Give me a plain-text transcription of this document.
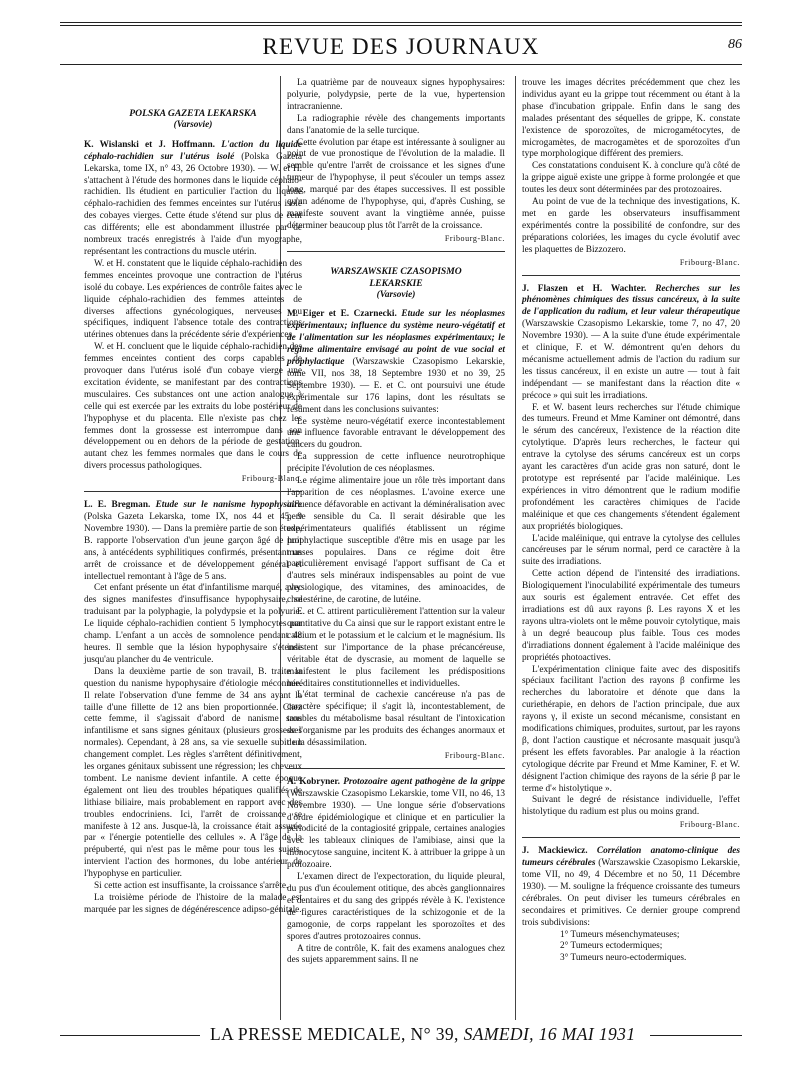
REVUE DES JOURNAUX	86

POLSKA GAZETA LEKARSKA

(Varsovie)

K. Wislanski et J. Hoffmann. L'action du liquide céphalo-rachidien sur l'utérus isolé (Polska Gazeta Lekarska, tome IX, n° 43, 26 Octobre 1930). — W. et H. s'attachent à l'étude des hormones dans le liquide céphalo-rachidien. Ils étudient en particulier l'action du liquide céphalo-rachidien des femmes enceintes sur l'utérus isolé des cobayes vierges. Cette étude s'étend sur plus de cent cas différents; elle est abondamment illustrée par de nombreux tracés enregistrés à l'aide d'un myographe, représentant les contractions du muscle utérin.

W. et H. constatent que le liquide céphalo-rachidien des femmes enceintes provoque une contraction de l'utérus isolé du cobaye. Les expériences de contrôle faites avec le liquide céphalo-rachidien des femmes atteintes de diverses affections gynécologiques, nerveuses ou spécifiques, indiquent l'absence totale des contractions utérines obtenues dans la précédente série d'expériences.

W. et H. concluent que le liquide céphalo-rachidien des femmes enceintes contient des corps capables de provoquer dans l'utérus isolé d'un cobaye vierge une excitation évidente, se manifestant par des contractions musculaires. Ces substances ont une action analogue à celle qui est exercée par les extraits du lobe postérieur de l'hypophyse et du placenta. Elle n'existe pas chez les femmes dont la grossesse est interrompue dans son développement ou en dehors de la période de gestation, autant chez les femmes normales que dans le cours de divers processus pathologiques.

Fribourg-Blanc.

L. E. Bregman. Etude sur le nanisme hypophysaire (Polska Gazeta Lekarska, tome IX, nos 44 et 45, 9 Novembre 1930). — Dans la première partie de son étude, B. rapporte l'observation d'un jeune garçon âgé de huit ans, à antécédents syphilitiques confirmés, présentant un arrêt de croissance et de développement général et intellectuel remontant à l'âge de 5 ans.

Cet enfant présente un état d'infantilisme marqué, avec des signes manifestes d'insuffisance hypophysaire, se traduisant par la polyphagie, la polydypsie et la polyurie. Le liquide céphalo-rachidien contient 5 lymphocytes par champ. L'enfant a un accès de somnolence pendant 48 heures. Il semble que la lésion hypophysaire s'étende jusqu'au plancher du 4e ventricule.

Dans la deuxième partie de son travail, B. traite la question du nanisme hypophysaire d'étiologie méconnue. Il relate l'observation d'une femme de 34 ans ayant la taille d'une fillette de 12 ans bien proportionnée. Chez cette femme, il s'agissait d'abord de nanisme sans infantilisme et sans signes génitaux (plusieurs grossesses normales). Cependant, à 28 ans, sa vie sexuelle subit un changement complet. Les règles s'arrêtent définitivement, les organes génitaux subissent une régression; les cheveux tombent. Le nanisme devient infantile. A cette époque également ont lieu des troubles hépatiques qualifiés de lithiase biliaire, mais probablement en rapport avec des troubles endocriniens. Ici, l'arrêt de croissance se manifeste à 12 ans. Jusque-là, la croissance était assurée par « l'énergie potentielle des cellules ». A l'âge de la prépuberté, qui n'est pas le même pour tous les sujets, intervient l'action des hormones, du lobe antérieur de l'hypophyse en particulier.

Si cette action est insuffisante, la croissance s'arrête.

La troisième période de l'histoire de la malade est marquée par les signes de dégénérescence adipso-génitale.

La quatrième par de nouveaux signes hypophysaires: polyurie, polydypsie, perte de la vue, hypertension intracranienne.

La radiographie révèle des changements importants dans l'anatomie de la selle turcique.

Cette évolution par étape est intéressante à souligner au point de vue pronostique de l'évolution de la maladie. Il semble qu'entre l'arrêt de croissance et les signes d'une tumeur de l'hypophyse, il peut s'écouler un temps assez long, marqué par des étapes successives. Il est possible qu'un adénome de l'hypophyse, qui, d'après Cushing, se manifeste souvent avant la vingtième année, puisse déterminer beaucoup plus tôt l'arrêt de la croissance.

Fribourg-Blanc.

WARSZAWSKIE CZASOPISMO

LEKARSKIE

(Varsovie)

M. Eiger et E. Czarnecki. Etude sur les néoplasmes expérimentaux; influence du système neuro-végétatif et de l'alimentation sur les néoplasmes expérimentaux; le régime alimentaire envisagé au point de vue social et prophylactique (Warszawskie Czasopismo Lekarskie, tome VII, nos 38, 18 Septembre 1930 et no 39, 25 Septembre 1930). — E. et C. ont poursuivi une étude expérimentale sur 176 lapins, dont les résultats se résument dans les conclusions suivantes:

Le système neuro-végétatif exerce incontestablement une influence favorable entravant le développement des cancers du goudron.

La suppression de cette influence neurotrophique précipite l'évolution de ces néoplasmes.

Le régime alimentaire joue un rôle très important dans l'apparition de ces néoplasmes. L'avoine exerce une influence défavorable en activant la déminéralisation avec perte sensible du Ca. Il serait désirable que les expérimentateurs qualifiés établissent un régime prophylactique susceptible d'être mis en usage par les masses populaires. Dans ce régime doit être particulièrement envisagé l'apport suffisant de Ca et d'autres sels minéraux indispensables au point de vue physiologique, des vitamines, des aminoacides, de cholestérine, de carotine, de lutéine.

E. et C. attirent particulièrement l'attention sur la valeur quantitative du Ca ainsi que sur le rapport existant entre le calcium et le potassium et le calcium et le magnésium. Ils insistent sur l'importance de la phase précancéreuse, véritable état de dyscrasie, au moment de laquelle se manifestent le plus facilement les prédispositions héréditaires constitutionnelles et individuelles.

L'état terminal de cachexie cancéreuse n'a pas de caractère spécifique; il s'agit là, incontestablement, de troubles du métabolisme basal résultant de l'intoxication de l'organisme par les produits des échanges anormaux et de la désassimilation.

Fribourg-Blanc.

A. Kobryner. Protozoaire agent pathogène de la grippe (Warszawskie Czasopismo Lekarskie, tome VII, no 46, 13 Novembre 1930). — Une longue série d'observations d'ordre épidémiologique et clinique et en particulier la périodicité de la contagiosité grippale, certaines analogies avec les tableaux cliniques de l'amibiase, ainsi que la monocytose sanguine, incitent K. à attribuer la grippe à un protozoaire.

L'examen direct de l'expectoration, du liquide pleural, du pus d'un écoulement otitique, des abcès ganglionnaires et dentaires et du sang des grippés révèle à K. l'existence de figures caractéristiques de la schizogonie et de la gamogonie, de corps rappelant les sporozoïtes et des spores d'autres protozoaires connus.

A titre de contrôle, K. fait des examens analogues chez des sujets apparemment sains. Il ne

trouve les images décrites précédemment que chez les individus ayant eu la grippe tout récemment ou étant à la phase d'incubation grippale. Enfin dans le sang des malades présentant des séquelles de grippe, K. constate l'existence de sporozoïtes, de microgamétocytes, de microgamètes, de macrogamètes et de sporozoïtes d'un type morphologique différent des premiers.

Ces constatations conduisent K. à conclure qu'à côté de la grippe aiguë existe une grippe à forme prolongée et que toutes les deux sont déterminées par des protozoaires.

Au point de vue de la technique des investigations, K. met en garde les observateurs insuffisamment expérimentés contre la possibilité de confondre, sur des préparations coloriées, les images du cycle évolutif avec les plaquettes de Bizzozero.

Fribourg-Blanc.

J. Flaszen et H. Wachter. Recherches sur les phénomènes chimiques des tissus cancéreux, à la suite de l'application du radium, et leur valeur thérapeutique (Warszawskie Czasopismo Lekarskie, tome 7, no 47, 20 Novembre 1930). — A la suite d'une étude expérimentale et clinique, F. et W. démontrent qu'en dehors du mécanisme actuellement admis de l'action du radium sur les tissus cancéreux, il en existe un autre — tout à fait indépendant — se manifestant dans la réaction dite « précoce » qui suit les irradiations.

F. et W. basent leurs recherches sur l'étude chimique des tumeurs. Freund et Mme Kaminer ont démontré, dans le sérum des cancéreux, l'existence de la réaction dite cytolytique. D'après leurs recherches, le facteur qui entrave la cytolyse des sérums cancéreux est un corps ayant les caractères d'un acide gras non saturé, dont le prototype est représenté par l'acide maléinique. Les expériences in vitro démontrent que le radium modifie profondément les caractères chimiques de l'acide maléinique et que ces changements s'étendent également aux propriétés biologiques.

L'acide maléinique, qui entrave la cytolyse des cellules cancéreuses par le sérum normal, perd ce caractère à la suite des irradiations.

Cette action dépend de l'intensité des irradiations. Biologiquement l'inoculabilité expérimentale des tumeurs aux souris est également entravée. Cet effet des irradiations est dû aux rayons β. Les rayons X et les rayons ultra-violets ont le même pouvoir cytolytique, mais à un degré beaucoup plus faible. Tous ces modes d'irradiations donnent également à l'acide maléinique des propriétés photoactives.

L'expérimentation clinique faite avec des dispositifs spéciaux facilitant l'action des rayons β confirme les recherches du laboratoire et dénote que dans la curiethérapie, en dehors de l'action principale, due aux rayons γ, il existe un second mécanisme, consistant en modifications chimiques, produites, surtout, par les rayons β, dont l'action caustique et nécrosante masquait jusqu'à présent les effets favorables. Par analogie à la réaction cytologique décrite par Freund et Mme Kaminer, F. et W. désignent l'action chimique des rayons de la série β par le terme d'« histolytique ».

Suivant le degré de résistance individuelle, l'effet histolytique du radium est plus ou moins grand.

Fribourg-Blanc.

J. Mackiewicz. Corrélation anatomo-clinique des tumeurs cérébrales (Warszawskie Czasopismo Lekarskie, tome VII, no 49, 4 Décembre et no 50, 11 Décembre 1930). — M. souligne la fréquence croissante des tumeurs cérébrales. On peut diviser les tumeurs cérébrales en secondaires et primitives. Ce dernier groupe comprend trois subdivisions:

1° Tumeurs mésenchymateuses;

2° Tumeurs ectodermiques;

3° Tumeurs neuro-ectodermiques.

LA PRESSE MEDICALE, N° 39, SAMEDI, 16 MAI 1931
